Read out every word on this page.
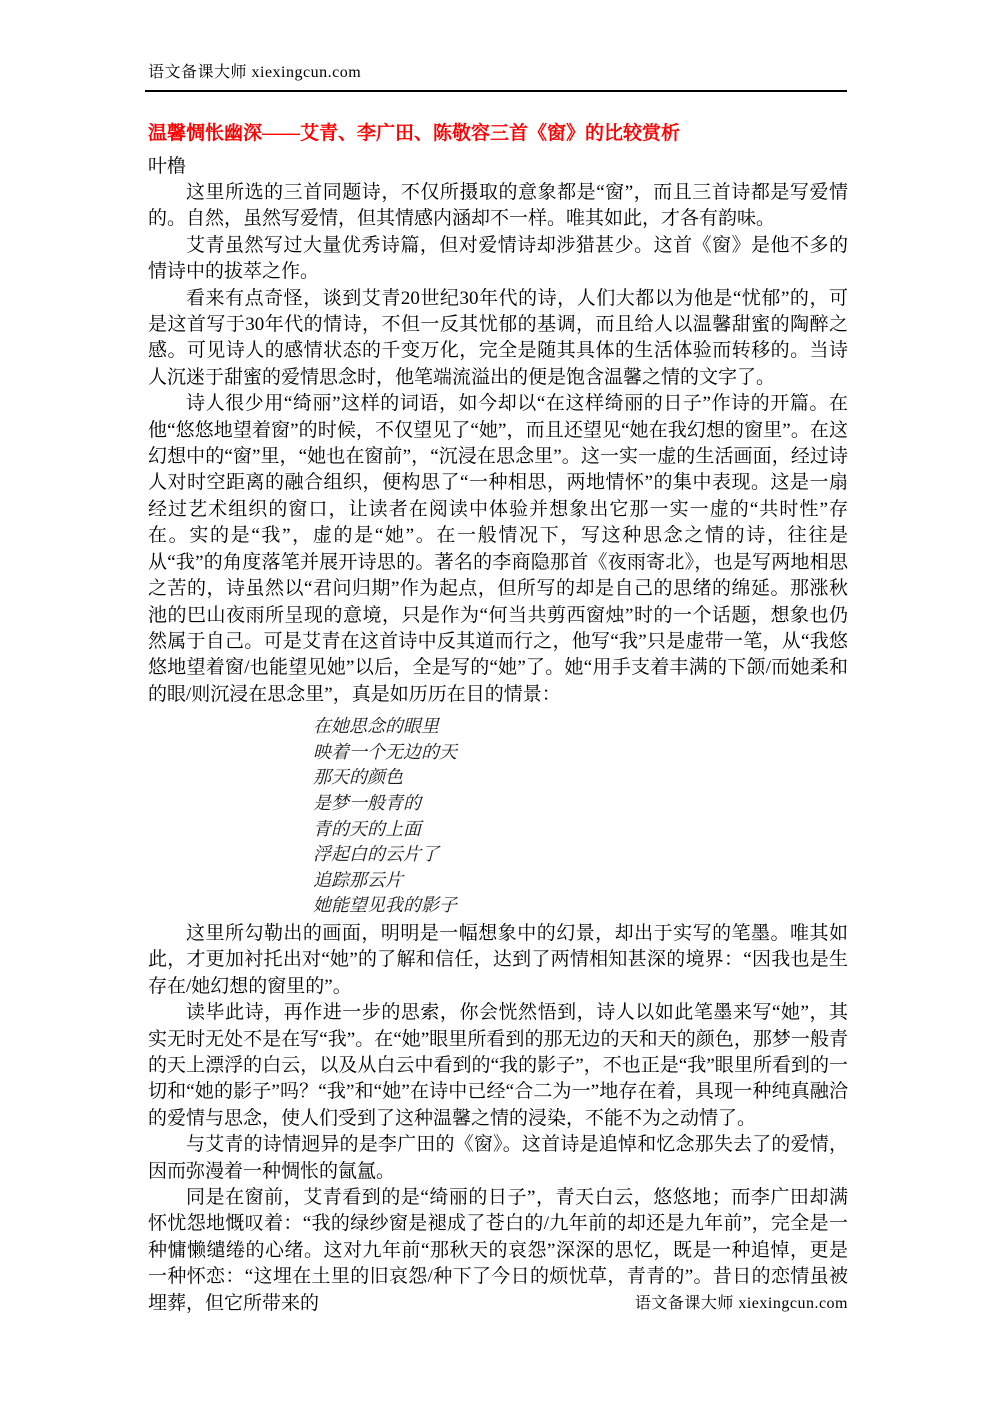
语文备课大师 xiexingcun.com
温馨惆怅幽深——艾青、李广田、陈敬容三首《窗》的比较赏析

叶橹

这里所选的三首同题诗，不仅所摄取的意象都是“窗”，而且三首诗都是写爱情的。自然，虽然写爱情，但其情感内涵却不一样。唯其如此，才各有韵味。

艾青虽然写过大量优秀诗篇，但对爱情诗却涉猎甚少。这首《窗》是他不多的情诗中的拔萃之作。

看来有点奇怪，谈到艾青20世纪30年代的诗，人们大都以为他是“忧郁”的，可是这首写于30年代的情诗，不但一反其忧郁的基调，而且给人以温馨甜蜜的陶醉之感。可见诗人的感情状态的千变万化，完全是随其具体的生活体验而转移的。当诗人沉迷于甜蜜的爱情思念时，他笔端流溢出的便是饱含温馨之情的文字了。

诗人很少用“绮丽”这样的词语，如今却以“在这样绮丽的日子”作诗的开篇。在他“悠悠地望着窗”的时候，不仅望见了“她”，而且还望见“她在我幻想的窗里”。在这幻想中的“窗”里，“她也在窗前”，“沉浸在思念里”。这一实一虚的生活画面，经过诗人对时空距离的融合组织，便构思了“一种相思，两地情怀”的集中表现。这是一扇经过艺术组织的窗口，让读者在阅读中体验并想象出它那一实一虚的“共时性”存在。实的是“我”，虚的是“她”。在一般情况下，写这种思念之情的诗，往往是从“我”的角度落笔并展开诗思的。著名的李商隐那首《夜雨寄北》，也是写两地相思之苦的，诗虽然以“君问归期”作为起点，但所写的却是自己的思绪的绵延。那涨秋池的巴山夜雨所呈现的意境，只是作为“何当共剪西窗烛”时的一个话题，想象也仍然属于自己。可是艾青在这首诗中反其道而行之，他写“我”只是虚带一笔，从“我悠悠地望着窗/也能望见她”以后，全是写的“她”了。她“用手支着丰满的下颌/而她柔和的眼/则沉浸在思念里”，真是如历历在目的情景：

在她思念的眼里
映着一个无边的天
那天的颜色
是梦一般青的
青的天的上面
浮起白的云片了
追踪那云片
她能望见我的影子

这里所勾勒出的画面，明明是一幅想象中的幻景，却出于实写的笔墨。唯其如此，才更加衬托出对“她”的了解和信任，达到了两情相知甚深的境界：“因我也是生存在/她幻想的窗里的”。

读毕此诗，再作进一步的思索，你会恍然悟到，诗人以如此笔墨来写“她”，其实无时无处不是在写“我”。在“她”眼里所看到的那无边的天和天的颜色，那梦一般青的天上漂浮的白云，以及从白云中看到的“我的影子”，不也正是“我”眼里所看到的一切和“她的影子”吗？“我”和“她”在诗中已经“合二为一”地存在着，具现一种纯真融洽的爱情与思念，使人们受到了这种温馨之情的浸染，不能不为之动情了。

与艾青的诗情迥异的是李广田的《窗》。这首诗是追悼和忆念那失去了的爱情，因而弥漫着一种惆怅的氤氲。

同是在窗前，艾青看到的是“绮丽的日子”，青天白云，悠悠地；而李广田却满怀忧怨地慨叹着：“我的绿纱窗是褪成了苍白的/九年前的却还是九年前”，完全是一种慵懒缱绻的心绪。这对九年前“那秋天的哀怨”深深的思忆，既是一种追悼，更是一种怀恋：“这埋在土里的旧哀怨/种下了今日的烦忧草，青青的”。昔日的恋情虽被埋葬，但它所带来的	语文备课大师 xiexingcun.com
